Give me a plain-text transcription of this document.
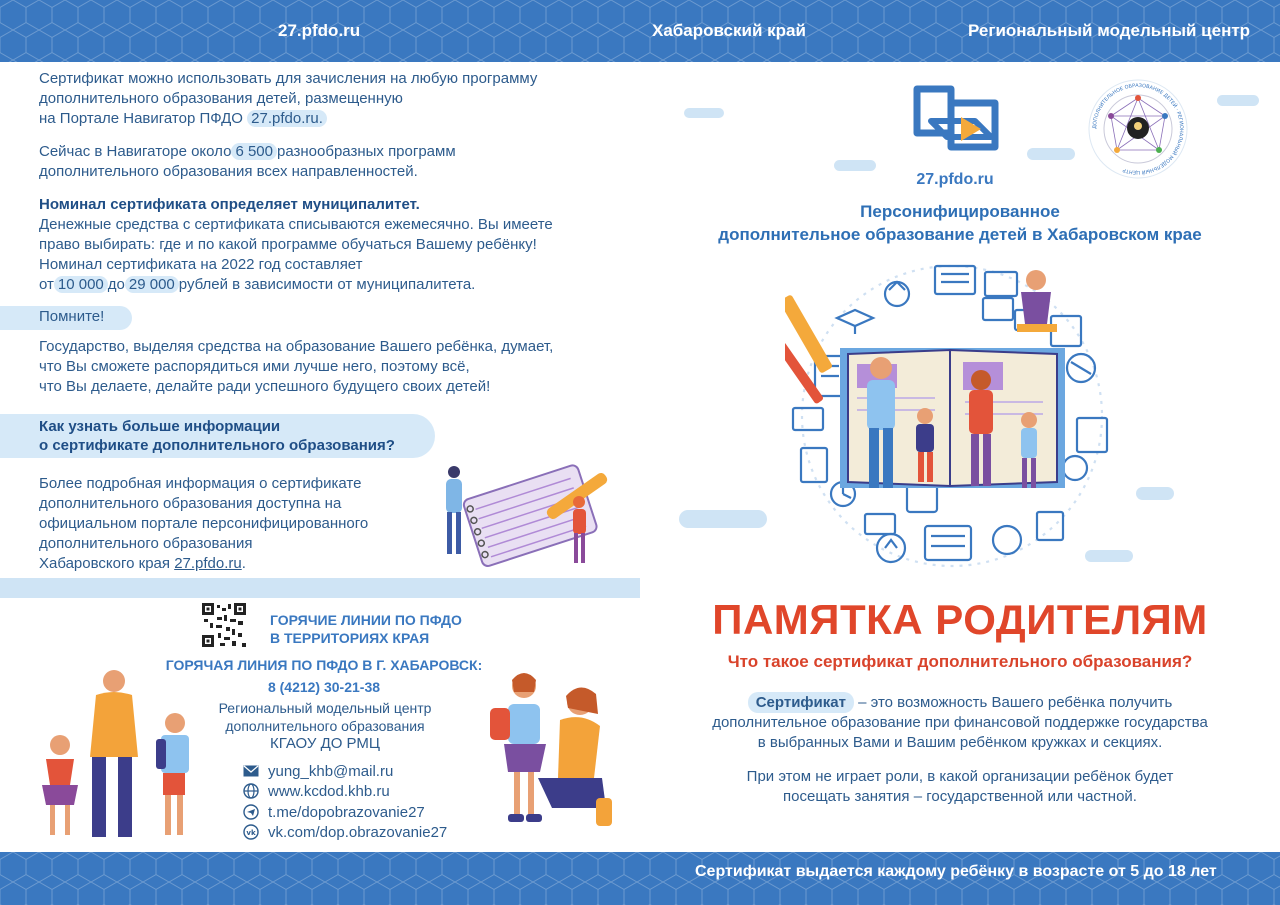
27.pfdo.ru	Хабаровский край	Региональный модельный центр
Сертификат можно использовать для зачисления на любую программу
дополнительного образования детей, размещенную
на Портале Навигатор ПФДО 27.pfdo.ru.
Сейчас в Навигаторе около 6 500 разнообразных программ
дополнительного образования всех направленностей.
Номинал сертификата определяет муниципалитет.
Денежные средства с сертификата списываются ежемесячно. Вы имеете
право выбирать: где и по какой программе обучаться Вашему ребёнку!
Номинал сертификата на 2022 год составляет
от 10 000 до 29 000 рублей в зависимости от муниципалитета.
Помните!
Государство, выделяя средства на образование Вашего ребёнка, думает,
что Вы сможете распорядиться ими лучше него, поэтому всё,
что Вы делаете, делайте ради успешного будущего своих детей!
Как узнать больше информации
о сертификате дополнительного образования?
Более подробная информация о сертификате
дополнительного образования доступна на
официальном портале персонифицированного
дополнительного образования
Хабаровского края 27.pfdo.ru.
ГОРЯЧИЕ ЛИНИИ ПО ПФДО
В ТЕРРИТОРИЯХ КРАЯ
ГОРЯЧАЯ ЛИНИЯ ПО ПФДО В Г. ХАБАРОВСК:
8 (4212) 30-21-38
Региональный модельный центр
дополнительного образования
КГАОУ ДО РМЦ
yung_khb@mail.ru
www.kcdod.khb.ru
t.me/dopobrazovanie27
vk vk.com/dop.obrazovanie27
27.pfdo.ru
ДОПОЛНИТЕЛЬНОЕ ОБРАЗОВАНИЕ ДЕТЕЙ · РЕГИОНАЛЬНЫЙ МОДЕЛЬНЫЙ ЦЕНТР
Персонифицированное
дополнительное образование детей в Хабаровском крае
ПАМЯТКА РОДИТЕЛЯМ
Что такое сертификат дополнительного образования?
Сертификат – это возможность Вашего ребёнка получить
дополнительное образование при финансовой поддержке государства
в выбранных Вами и Вашим ребёнком кружках и секциях.
При этом не играет роли, в какой организации ребёнок будет
посещать занятия – государственной или частной.
Сертификат выдается каждому ребёнку в возрасте от 5 до 18 лет
